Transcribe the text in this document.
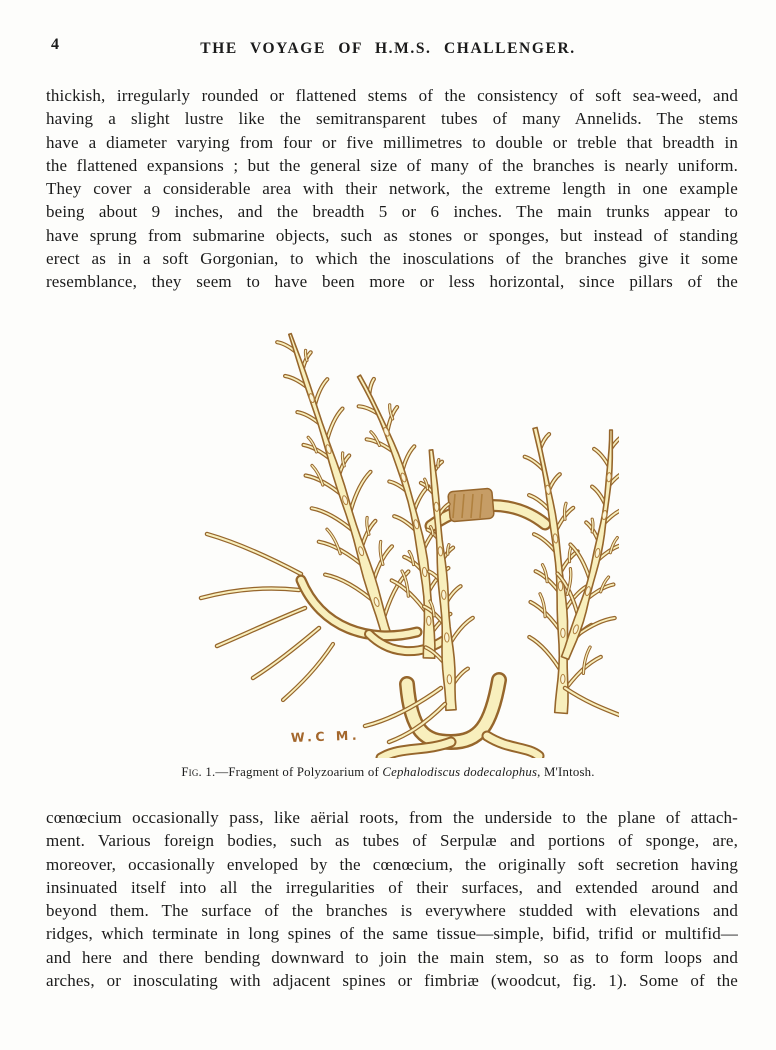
4	THE VOYAGE OF H.M.S. CHALLENGER.
thickish, irregularly rounded or flattened stems of the consistency of soft sea-weed, and
having a slight lustre like the semitransparent tubes of many Annelids. The stems
have a diameter varying from four or five millimetres to double or treble that breadth in
the flattened expansions ; but the general size of many of the branches is nearly uniform.
They cover a considerable area with their network, the extreme length in one example
being about 9 inches, and the breadth 5 or 6 inches. The main trunks appear to
have sprung from submarine objects, such as stones or sponges, but instead of standing
erect as in a soft Gorgonian, to which the inosculations of the branches give it some
resemblance, they seem to have been more or less horizontal, since pillars of the
W.C M.
Fig. 1.—Fragment of Polyzoarium of Cephalodiscus dodecalophus, M'Intosh.
cœnœcium occasionally pass, like aërial roots, from the underside to the plane of attach-
ment. Various foreign bodies, such as tubes of Serpulæ and portions of sponge, are,
moreover, occasionally enveloped by the cœnœcium, the originally soft secretion having
insinuated itself into all the irregularities of their surfaces, and extended around and
beyond them. The surface of the branches is everywhere studded with elevations and
ridges, which terminate in long spines of the same tissue—simple, bifid, trifid or multifid—
and here and there bending downward to join the main stem, so as to form loops and
arches, or inosculating with adjacent spines or fimbriæ (woodcut, fig. 1). Some of the
